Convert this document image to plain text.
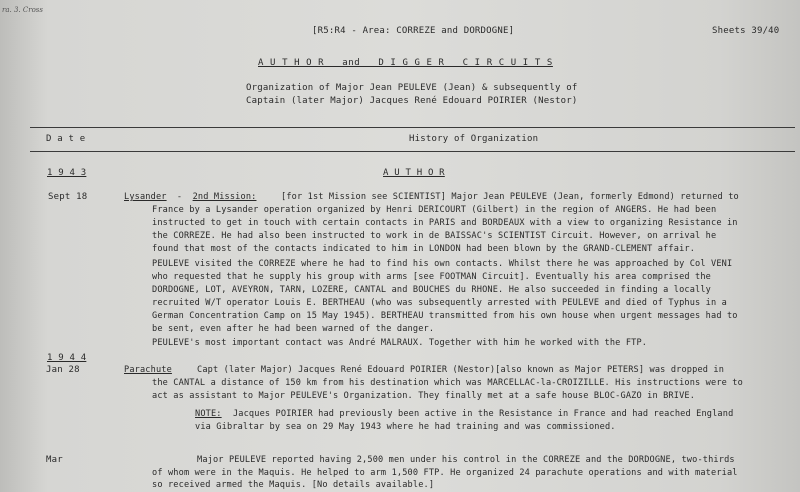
ra. 3. Cross
[R5:R4 - Area: CORREZE and DORDOGNE]	Sheets 39/40
A U T H O R   and   D I G G E R   C I R C U I T S
Organization of Major Jean PEULEVE (Jean) & subsequently of
Captain (later Major) Jacques René Edouard POIRIER (Nestor)
D a t e	History of Organization
1 9 4 3	A U T H O R
Sept 18	Lysander - 2nd Mission:	[for 1st Mission see SCIENTIST] Major Jean PEULEVE (Jean, formerly Edmond) returned to
France by a Lysander operation organized by Henri DERICOURT (Gilbert) in the region of ANGERS. He had been
instructed to get in touch with certain contacts in PARIS and BORDEAUX with a view to organizing Resistance in
the CORREZE. He had also been instructed to work in de BAISSAC's SCIENTIST Circuit. However, on arrival he
found that most of the contacts indicated to him in LONDON had been blown by the GRAND-CLEMENT affair.
PEULEVE visited the CORREZE where he had to find his own contacts. Whilst there he was approached by Col VENI
who requested that he supply his group with arms [see FOOTMAN Circuit]. Eventually his area comprised the
DORDOGNE, LOT, AVEYRON, TARN, LOZERE, CANTAL and BOUCHES du RHONE. He also succeeded in finding a locally
recruited W/T operator Louis E. BERTHEAU (who was subsequently arrested with PEULEVE and died of Typhus in a
German Concentration Camp on 15 May 1945). BERTHEAU transmitted from his own house when urgent messages had to
be sent, even after he had been warned of the danger.
PEULEVE's most important contact was André MALRAUX. Together with him he worked with the FTP.
1 9 4 4
Jan 28	Parachute	Capt (later Major) Jacques René Edouard POIRIER (Nestor)[also known as Major PETERS] was dropped in
the CANTAL a distance of 150 km from his destination which was MARCELLAC-la-CROIZILLE. His instructions were to
act as assistant to Major PEULEVE's Organization. They finally met at a safe house BLOC-GAZO in BRIVE.
NOTE: Jacques POIRIER had previously been active in the Resistance in France and had reached England
via Gibraltar by sea on 29 May 1943 where he had training and was commissioned.
Mar	Major PEULEVE reported having 2,500 men under his control in the CORREZE and the DORDOGNE, two-thirds
of whom were in the Maquis. He helped to arm 1,500 FTP. He organized 24 parachute operations and with material
so received armed the Maquis. [No details available.]
